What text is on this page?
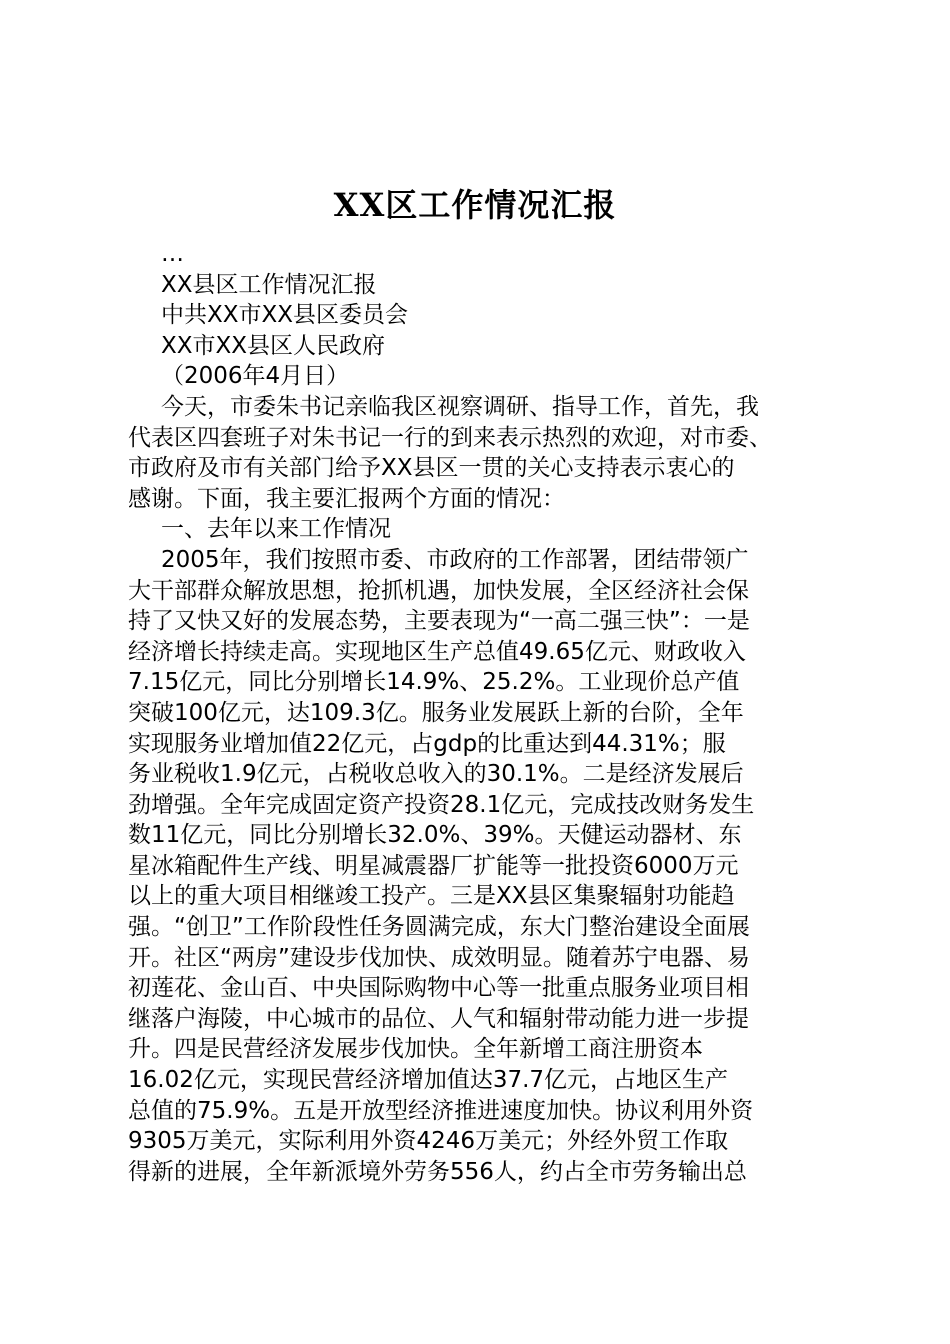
XX区工作情况汇报
…
XX县区工作情况汇报
中共XX市XX县区委员会
XX市XX县区人民政府
（2006年4月日）
今天，市委朱书记亲临我区视察调研、指导工作，首先，我
代表区四套班子对朱书记一行的到来表示热烈的欢迎，对市委、
市政府及市有关部门给予XX县区一贯的关心支持表示衷心的
感谢。下面，我主要汇报两个方面的情况：
一、去年以来工作情况
2005年，我们按照市委、市政府的工作部署，团结带领广
大干部群众解放思想，抢抓机遇，加快发展，全区经济社会保
持了又快又好的发展态势，主要表现为“一高二强三快”：一是
经济增长持续走高。实现地区生产总值49.65亿元、财政收入
7.15亿元，同比分别增长14.9%、25.2%。工业现价总产值
突破100亿元，达109.3亿。服务业发展跃上新的台阶，全年
实现服务业增加值22亿元，占gdp的比重达到44.31%；服
务业税收1.9亿元，占税收总收入的30.1%。二是经济发展后
劲增强。全年完成固定资产投资28.1亿元，完成技改财务发生
数11亿元，同比分别增长32.0%、39%。天健运动器材、东
星冰箱配件生产线、明星减震器厂扩能等一批投资6000万元
以上的重大项目相继竣工投产。三是XX县区集聚辐射功能趋
强。“创卫”工作阶段性任务圆满完成，东大门整治建设全面展
开。社区“两房”建设步伐加快、成效明显。随着苏宁电器、易
初莲花、金山百、中央国际购物中心等一批重点服务业项目相
继落户海陵，中心城市的品位、人气和辐射带动能力进一步提
升。四是民营经济发展步伐加快。全年新增工商注册资本
16.02亿元，实现民营经济增加值达37.7亿元，占地区生产
总值的75.9%。五是开放型经济推进速度加快。协议利用外资
9305万美元，实际利用外资4246万美元；外经外贸工作取
得新的进展，全年新派境外劳务556人，约占全市劳务输出总
